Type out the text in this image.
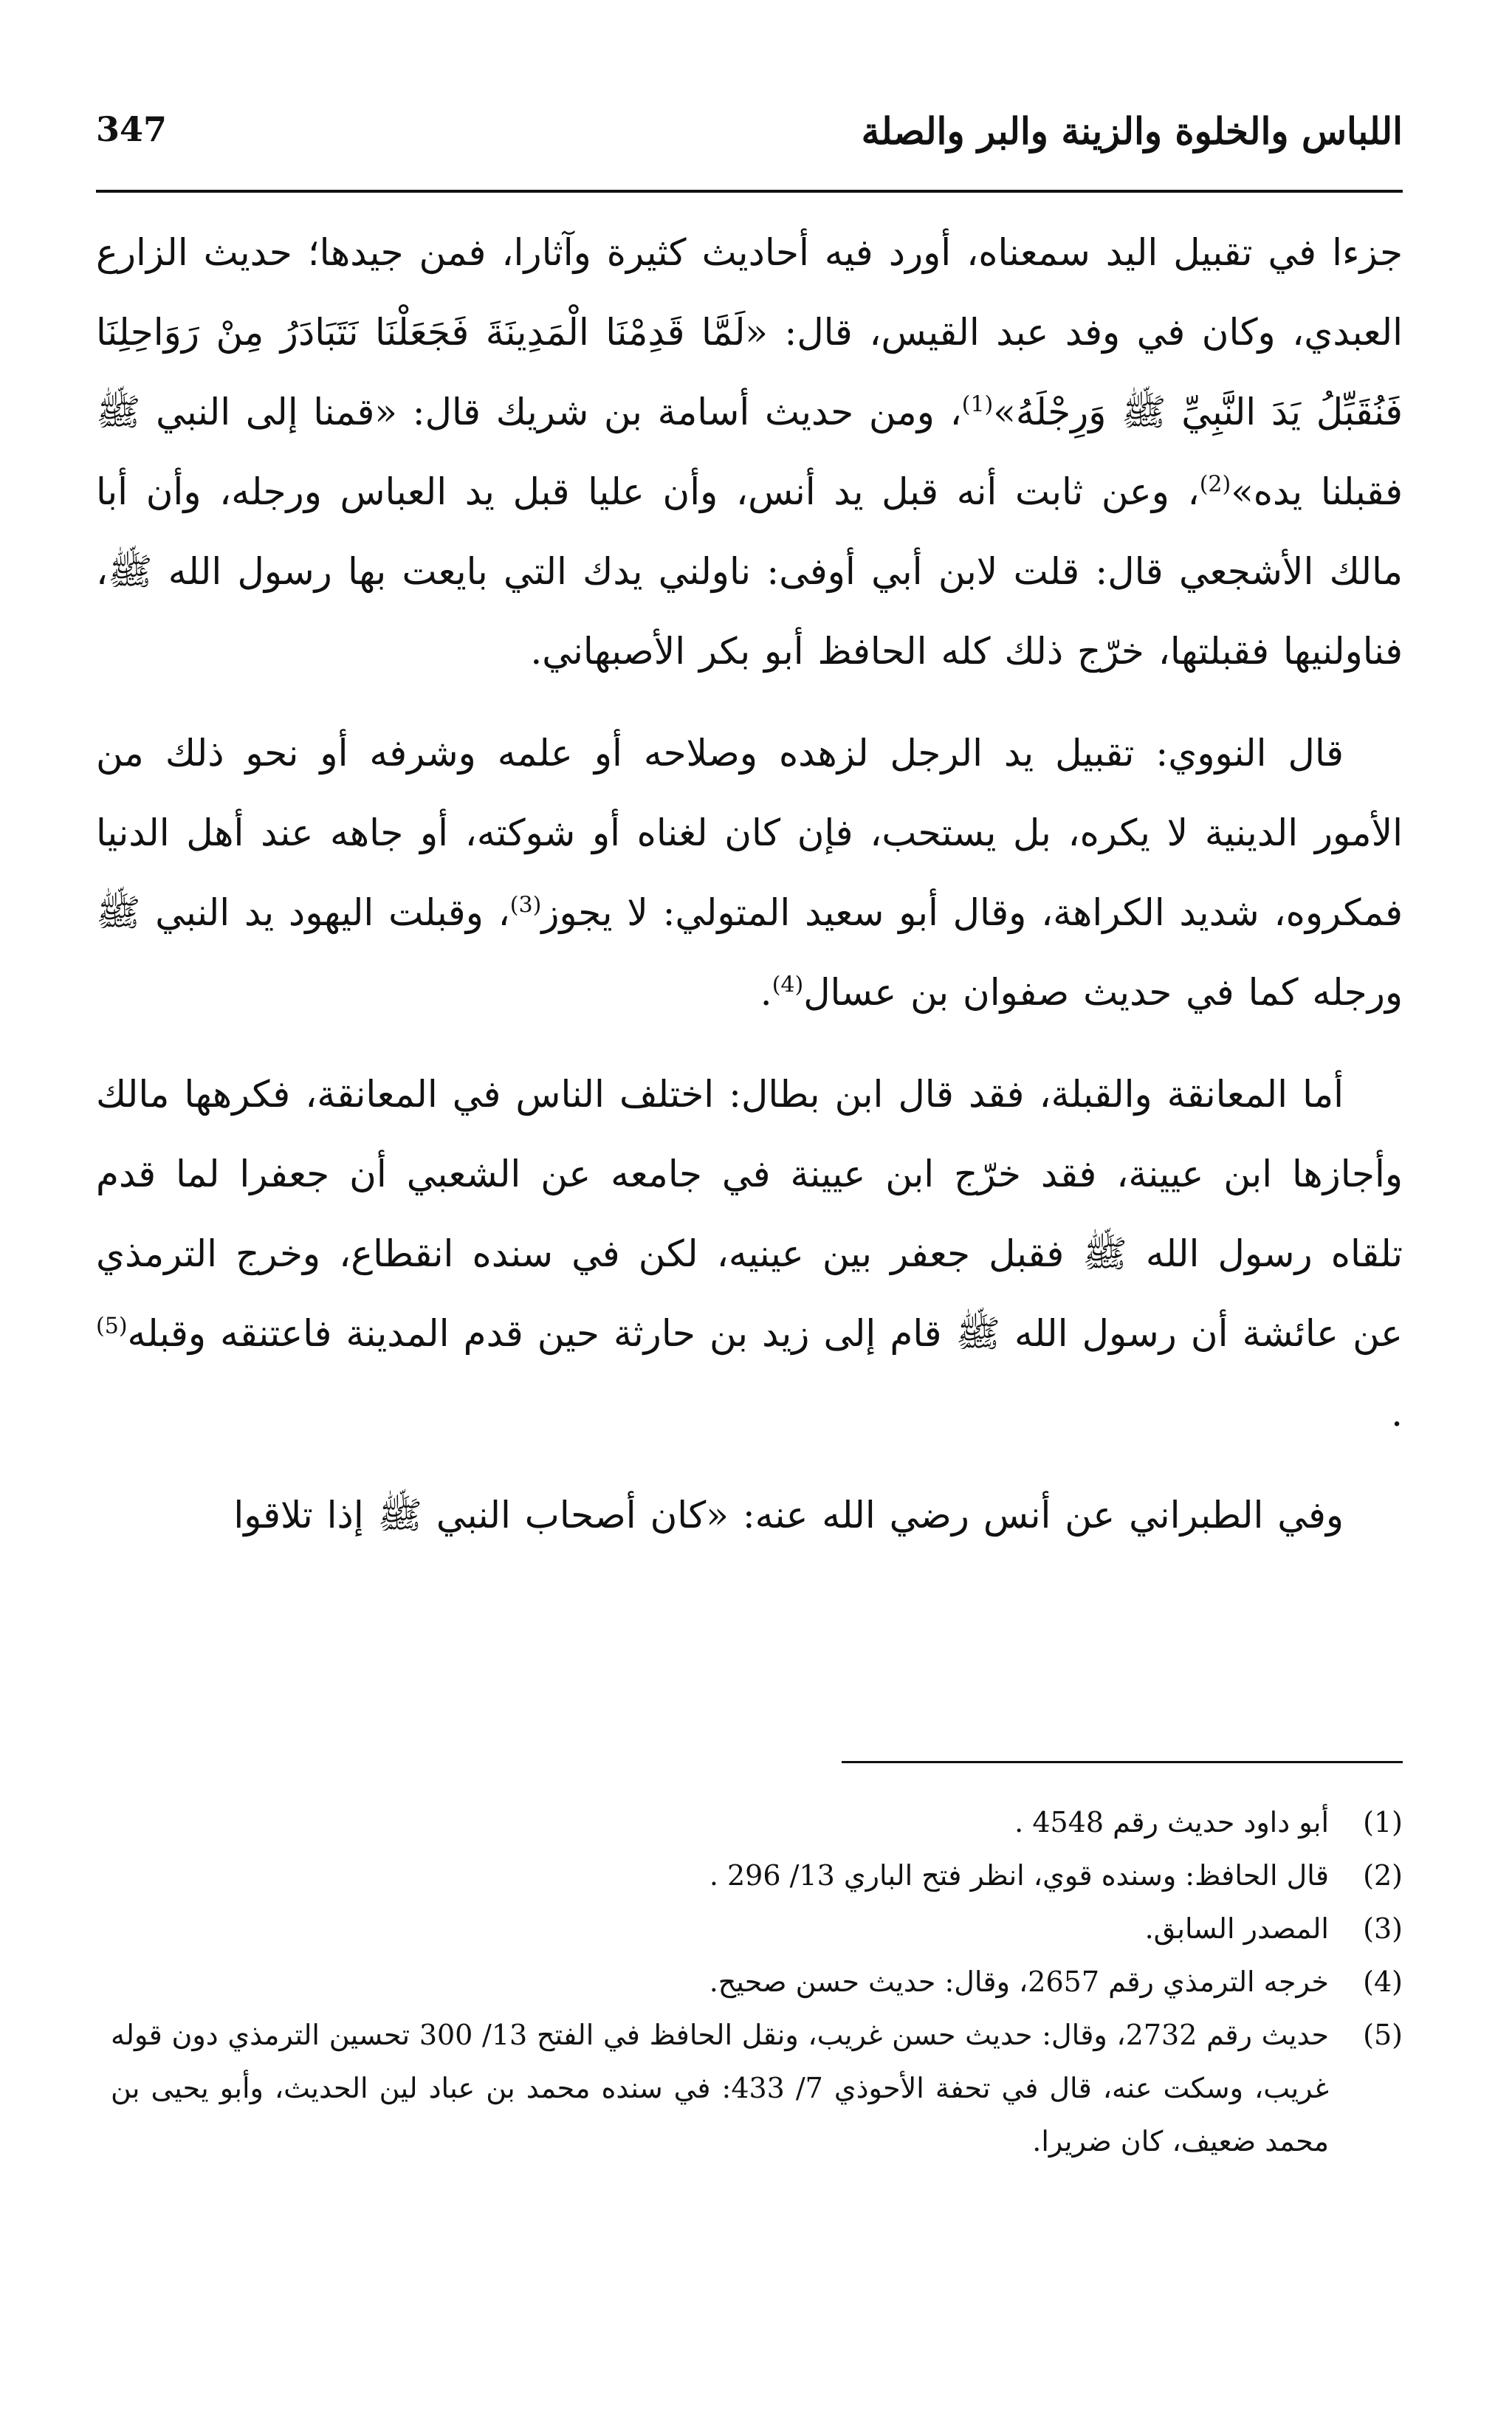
347	اللباس والخلوة والزينة والبر والصلة

جزءا في تقبيل اليد سمعناه، أورد فيه أحاديث كثيرة وآثارا، فمن جيدها؛ حديث الزارع العبدي، وكان في وفد عبد القيس، قال: «لَمَّا قَدِمْنَا الْمَدِينَةَ فَجَعَلْنَا نَتَبَادَرُ مِنْ رَوَاحِلِنَا فَنُقَبِّلُ يَدَ النَّبِيِّ ﷺ وَرِجْلَهُ»$^{(1)}$، ومن حديث أسامة بن شريك قال: «قمنا إلى النبي ﷺ فقبلنا يده»$^{(2)}$، وعن ثابت أنه قبل يد أنس، وأن عليا قبل يد العباس ورجله، وأن أبا مالك الأشجعي قال: قلت لابن أبي أوفى: ناولني يدك التي بايعت بها رسول الله ﷺ، فناولنيها فقبلتها، خرّج ذلك كله الحافظ أبو بكر الأصبهاني.

قال النووي: تقبيل يد الرجل لزهده وصلاحه أو علمه وشرفه أو نحو ذلك من الأمور الدينية لا يكره، بل يستحب، فإن كان لغناه أو شوكته، أو جاهه عند أهل الدنيا فمكروه، شديد الكراهة، وقال أبو سعيد المتولي: لا يجوز$^{(3)}$، وقبلت اليهود يد النبي ﷺ ورجله كما في حديث صفوان بن عسال$^{(4)}$.

أما المعانقة والقبلة، فقد قال ابن بطال: اختلف الناس في المعانقة، فكرهها مالك وأجازها ابن عيينة، فقد خرّج ابن عيينة في جامعه عن الشعبي أن جعفرا لما قدم تلقاه رسول الله ﷺ فقبل جعفر بين عينيه، لكن في سنده انقطاع، وخرج الترمذي عن عائشة أن رسول الله ﷺ قام إلى زيد بن حارثة حين قدم المدينة فاعتنقه وقبله$^{(5)}$ .

وفي الطبراني عن أنس رضي الله عنه: «كان أصحاب النبي ﷺ إذا تلاقوا

(1)
أبو داود حديث رقم 4548 .
(2)
قال الحافظ: وسنده قوي، انظر فتح الباري 13/ 296 .
(3)
المصدر السابق.
(4)
خرجه الترمذي رقم 2657، وقال: حديث حسن صحيح.
(5)
حديث رقم 2732، وقال: حديث حسن غريب، ونقل الحافظ في الفتح 13/ 300 تحسين الترمذي دون قوله غريب، وسكت عنه، قال في تحفة الأحوذي 7/ 433: في سنده محمد بن عباد لين الحديث، وأبو يحيى بن محمد ضعيف، كان ضريرا.
